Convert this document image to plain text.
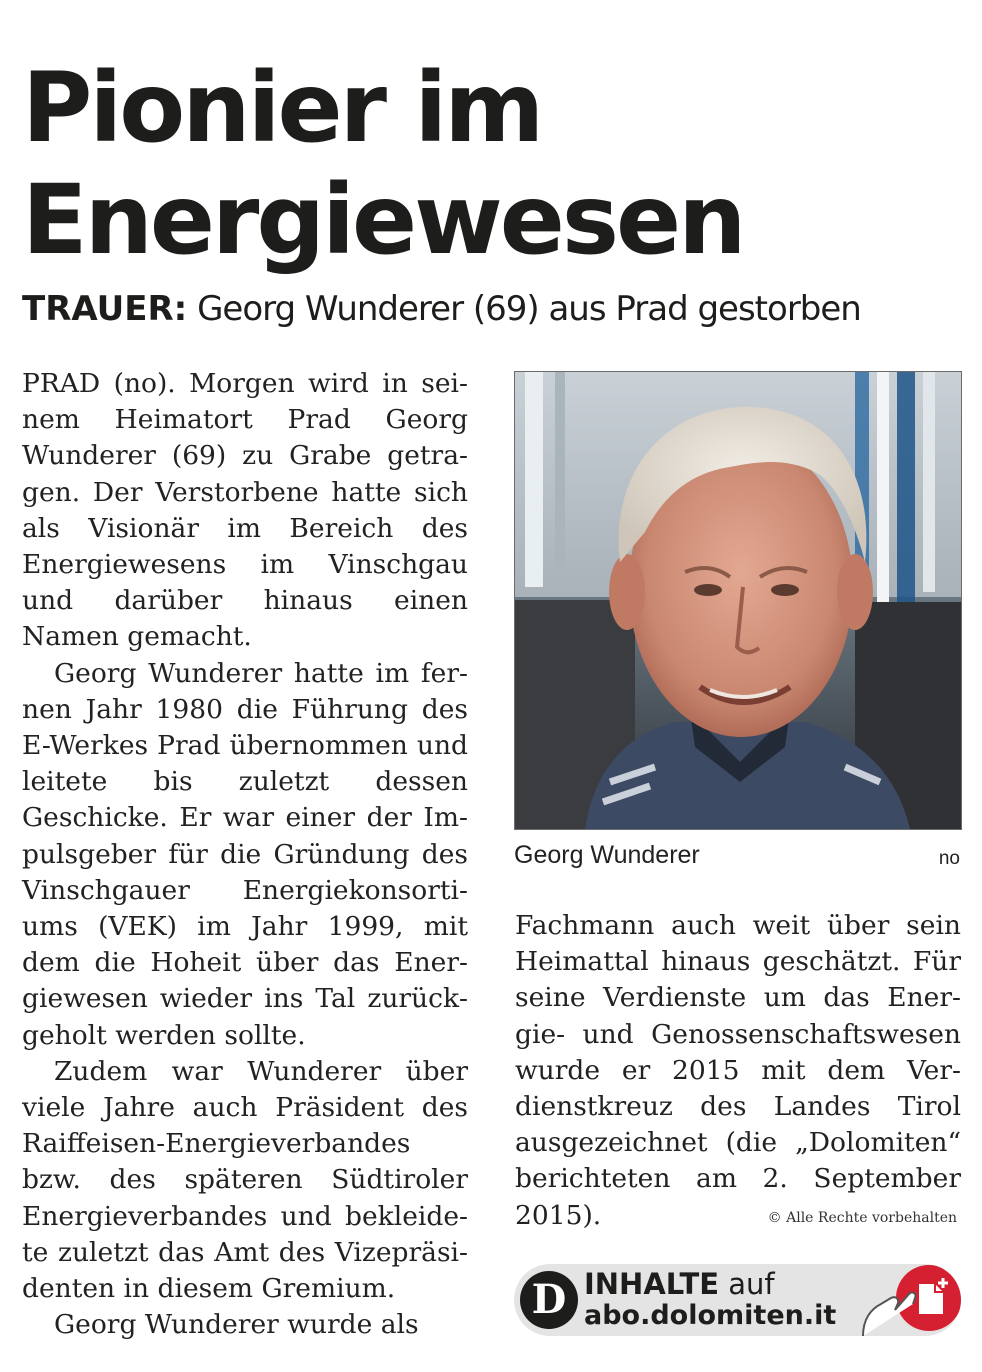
Pionier im
Energiewesen
TRAUER: Georg Wunderer (69) aus Prad gestorben

PRAD (no). Morgen wird in seinem Heimatort Prad Georg Wunderer (69) zu Grabe getragen. Der Verstorbene hatte sich als Visionär im Bereich des Energiewesens im Vinschgau und darüber hinaus einen Namen gemacht.

Georg Wunderer hatte im fernen Jahr 1980 die Führung des E-Werkes Prad übernommen und leitete bis zuletzt dessen Geschicke. Er war einer der Impulsgeber für die Gründung des Vinschgauer Energiekonsortiums (VEK) im Jahr 1999, mit dem die Hoheit über das Energiewesen wieder ins Tal zurückgeholt werden sollte.

Zudem war Wunderer über viele Jahre auch Präsident des Raiffeisen-Energieverbandes bzw. des späteren Südtiroler Energieverbandes und bekleidete zuletzt das Amt des Vizepräsidenten in diesem Gremium.

Georg Wunderer wurde als

Georg Wunderer	no

Fachmann auch weit über sein Heimattal hinaus geschätzt. Für seine Verdienste um das Energie- und Genossenschaftswesen wurde er 2015 mit dem Verdienstkreuz des Landes Tirol ausgezeichnet (die „Dolomiten“ berichteten am 2. September 2015).	© Alle Rechte vorbehalten
D INHALTE auf
abo.dolomiten.it
